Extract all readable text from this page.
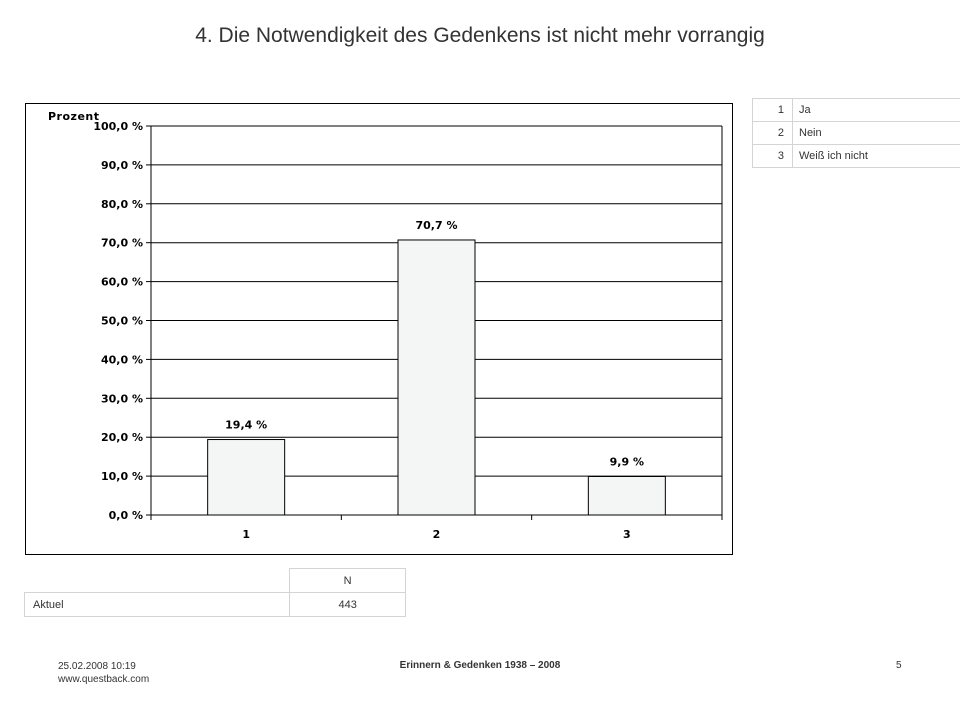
4. Die Notwendigkeit des Gedenkens ist nicht mehr vorrangig
Prozent
0,0 %
10,0 %
20,0 %
30,0 %
40,0 %
50,0 %
60,0 %
70,0 %
80,0 %
90,0 %
100,0 %
19,4 %
1
70,7 %
2
9,9 %
3
1	Ja
2	Nein
3	Weiß ich nicht
	N
Aktuel	443
25.02.2008 10:19
www.questback.com
Erinnern & Gedenken 1938 – 2008	5
